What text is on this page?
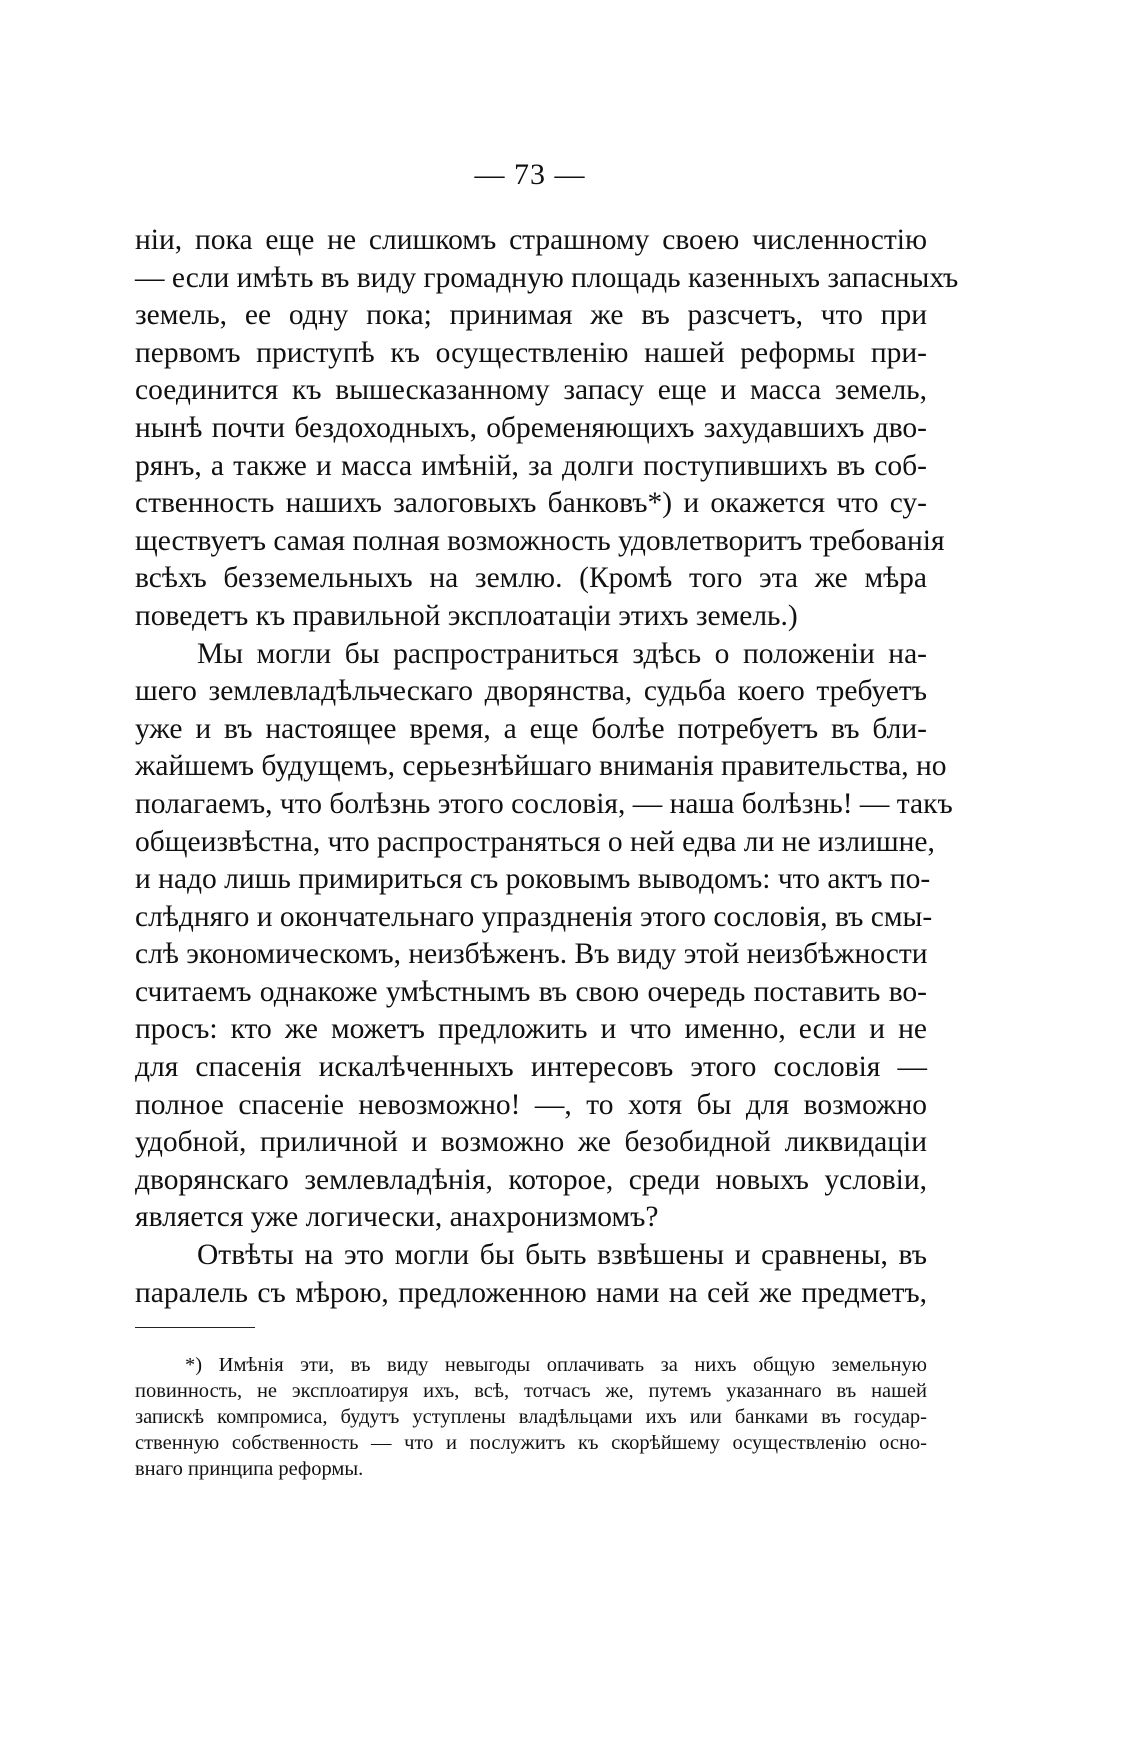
— 73 —
ніи, пока еще не слишкомъ страшному своею численностію
— если имѣть въ виду громадную площадь казенныхъ запасныхъ
земель, ее одну пока; принимая же въ разсчетъ, что при
первомъ приступѣ къ осуществленію нашей реформы при-
соединится къ вышесказанному запасу еще и масса земель,
нынѣ почти бездоходныхъ, обременяющихъ захудавшихъ дво-
рянъ, а также и масса имѣній, за долги поступившихъ въ соб-
ственность нашихъ залоговыхъ банковъ*) и окажется что су-
ществуетъ самая полная возможность удовлетворитъ требованія
всѣхъ безземельныхъ на землю. (Кромѣ того эта же мѣра
поведетъ къ правильной эксплоатаціи этихъ земель.)
Мы могли бы распространиться здѣсь о положеніи на-
шего землевладѣльческаго дворянства, судьба коего требуетъ
уже и въ настоящее время, а еще болѣе потребуетъ въ бли-
жайшемъ будущемъ, серьезнѣйшаго вниманія правительства, но
полагаемъ, что болѣзнь этого сословія, — наша болѣзнь! — такъ
общеизвѣстна, что распространяться о ней едва ли не излишне,
и надо лишь примириться съ роковымъ выводомъ: что актъ по-
слѣдняго и окончательнаго упраздненія этого сословія, въ смы-
слѣ экономическомъ, неизбѣженъ. Въ виду этой неизбѣжности
считаемъ однакоже умѣстнымъ въ свою очередь поставить во-
просъ: кто же можетъ предложить и что именно, если и не
для спасенія искалѣченныхъ интересовъ этого сословія —
полное спасеніе невозможно! —, то хотя бы для возможно
удобной, приличной и возможно же безобидной ликвидаціи
дворянскаго землевладѣнія, которое, среди новыхъ условіи,
является уже логически, анахронизмомъ?
Отвѣты на это могли бы быть взвѣшены и сравнены, въ
паралель съ мѣрою, предложенною нами на сей же предметъ,
*) Имѣнія эти, въ виду невыгоды оплачивать за нихъ общую земельную
повинность, не эксплоатируя ихъ, всѣ, тотчасъ же, путемъ указаннаго въ нашей
запискѣ компромиса, будутъ уступлены владѣльцами ихъ или банками въ государ-
ственную собственность — что и послужитъ къ скорѣйшему осуществленію осно-
внаго принципа реформы.
